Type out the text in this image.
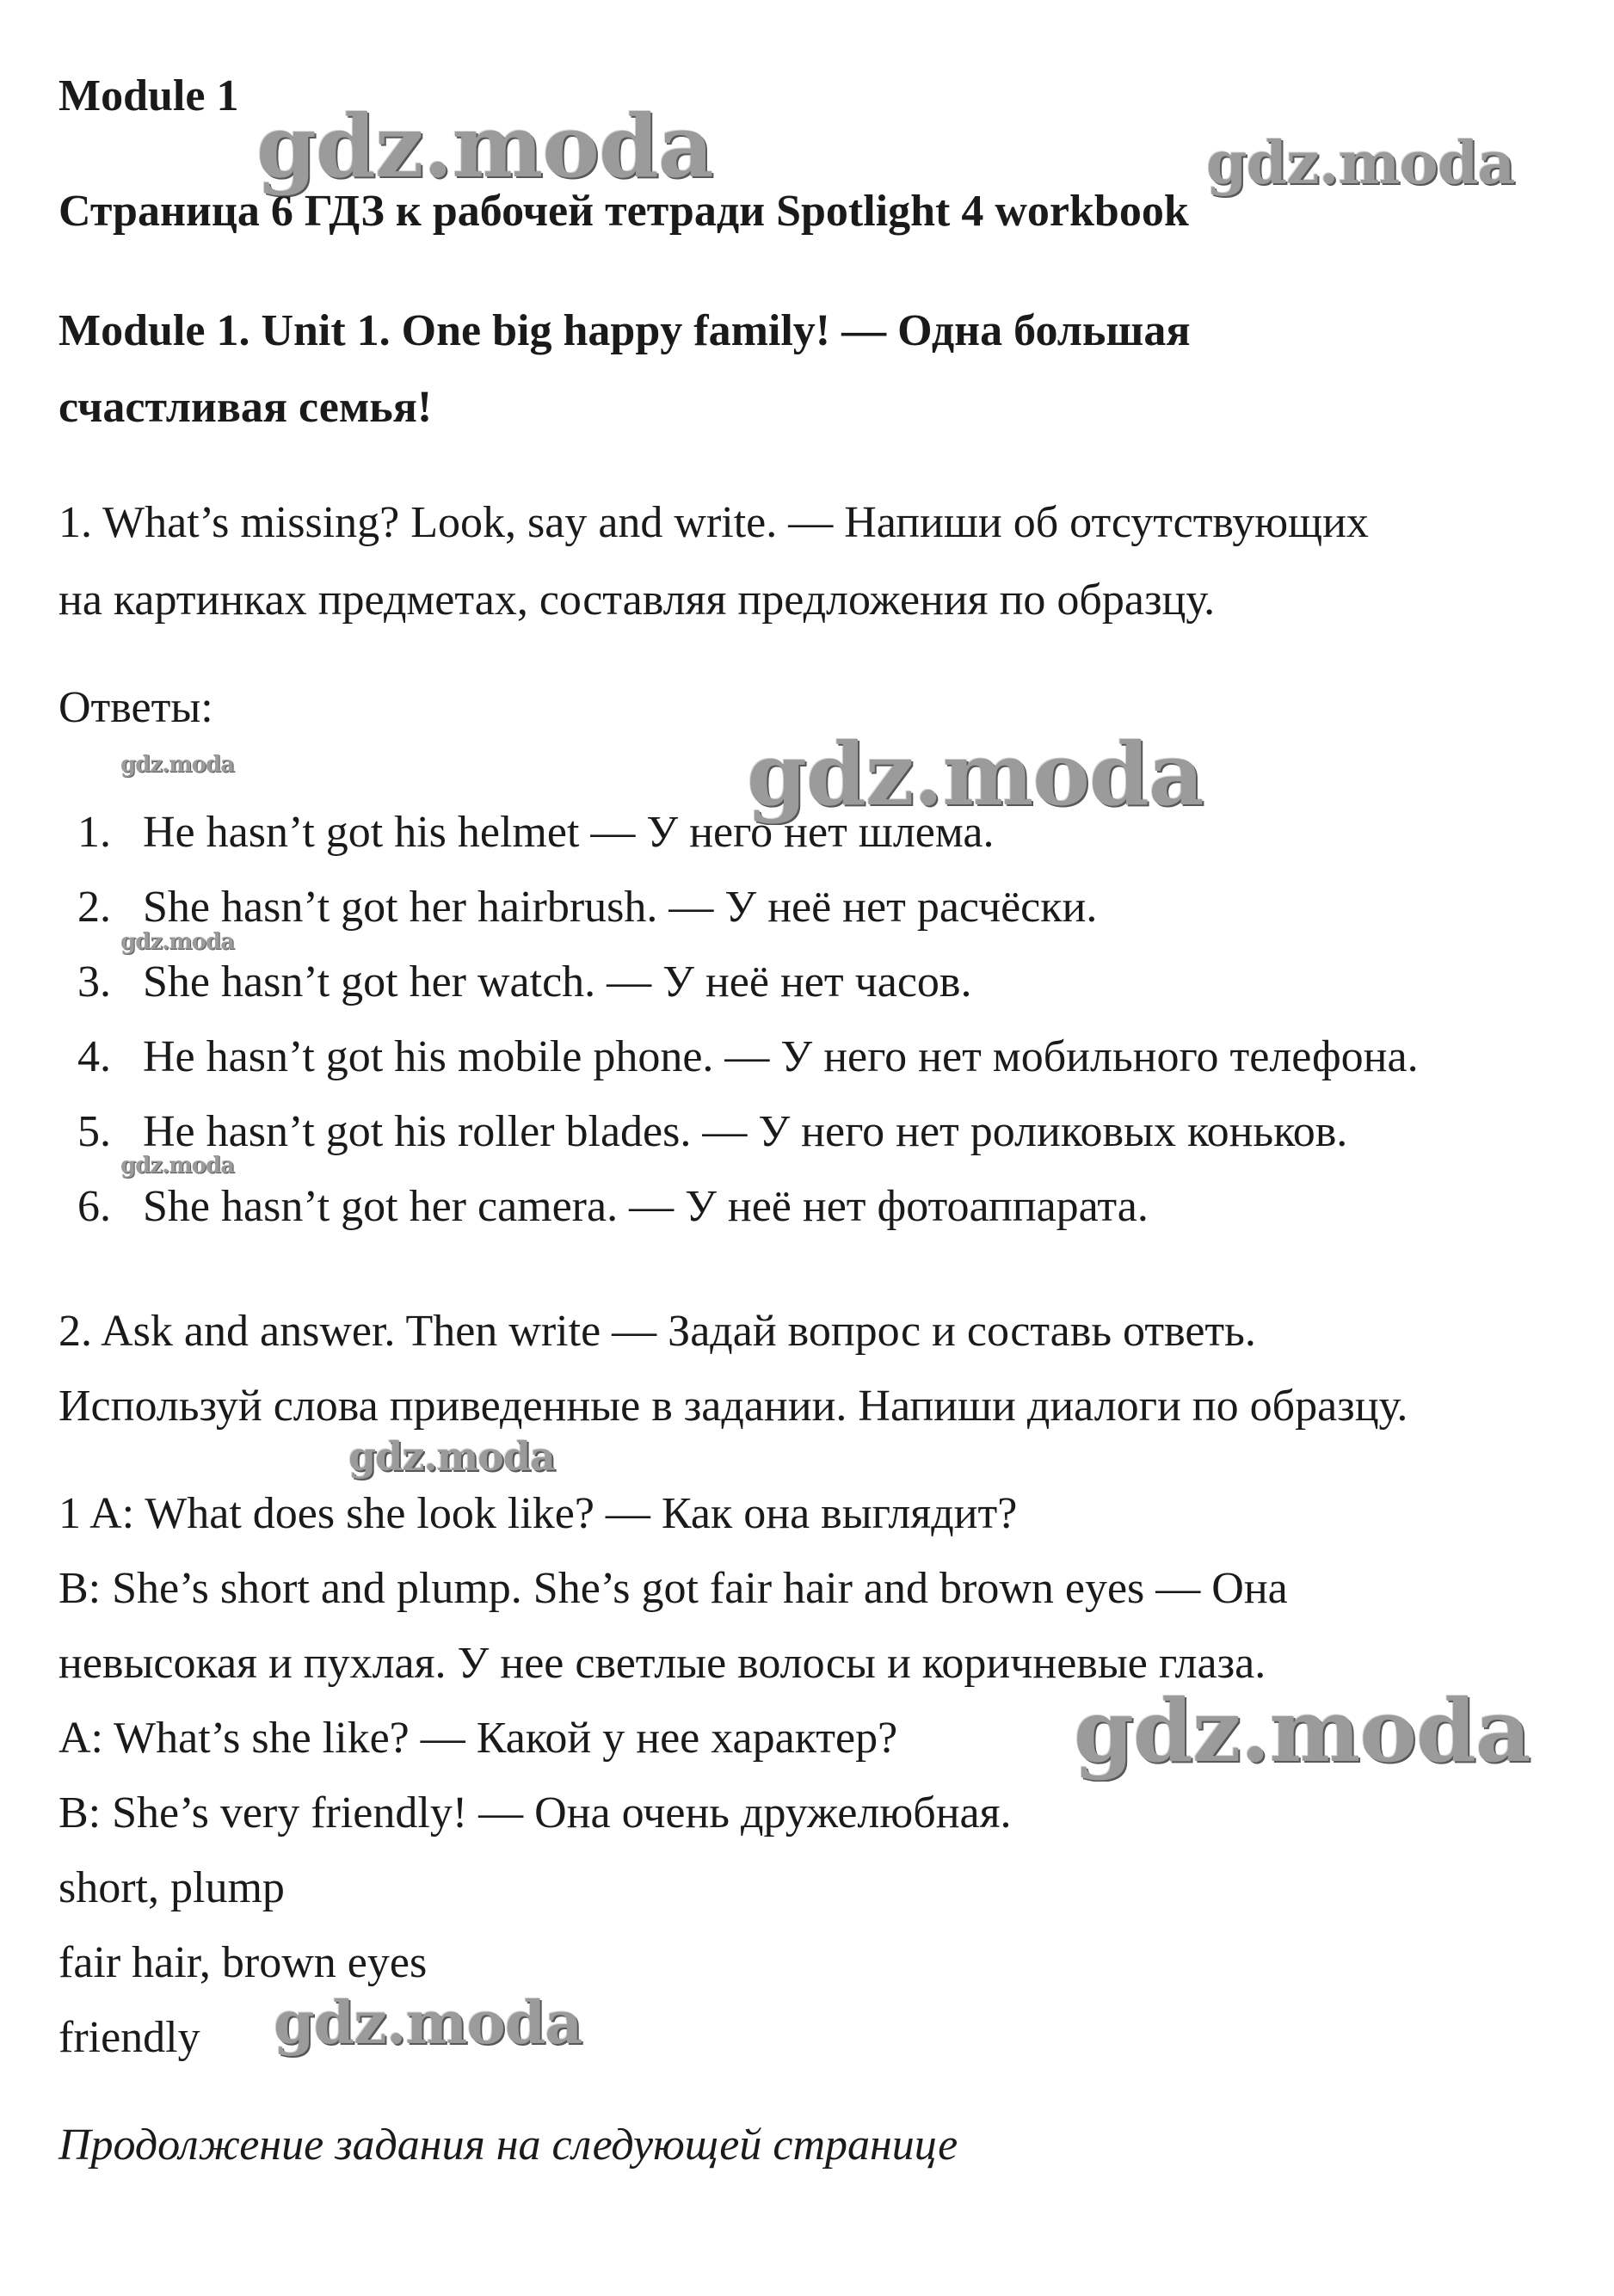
Module 1
Страница 6 ГДЗ к рабочей тетради Spotlight 4 workbook
Module 1. Unit 1. One big happy family! — Одна большая
счастливая семья!
1. What’s missing? Look, say and write. — Напиши об отсутствующих
на картинках предметах, составляя предложения по образцу.
Ответы:
1. He hasn’t got his helmet — У него нет шлема.
2. She hasn’t got her hairbrush. — У неё нет расчёски.
3. She hasn’t got her watch. — У неё нет часов.
4. He hasn’t got his mobile phone. — У него нет мобильного телефона.
5. He hasn’t got his roller blades. — У него нет роликовых коньков.
6. She hasn’t got her camera. — У неё нет фотоаппарата.
2. Ask and answer. Then write — Задай вопрос и составь ответь.
Используй слова приведенные в задании. Напиши диалоги по образцу.
1 A: What does she look like? — Как она выглядит?
B: She’s short and plump. She’s got fair hair and brown eyes — Она
невысокая и пухлая. У нее светлые волосы и коричневые глаза.
A: What’s she like? — Какой у нее характер?
B: She’s very friendly! — Она очень дружелюбная.
short, plump
fair hair, brown eyes
friendly
Продолжение задания на следующей странице
gdz.moda	gdz.moda
gdz.moda
gdz.moda
gdz.moda
gdz.moda
gdz.moda
gdz.moda
gdz.moda
